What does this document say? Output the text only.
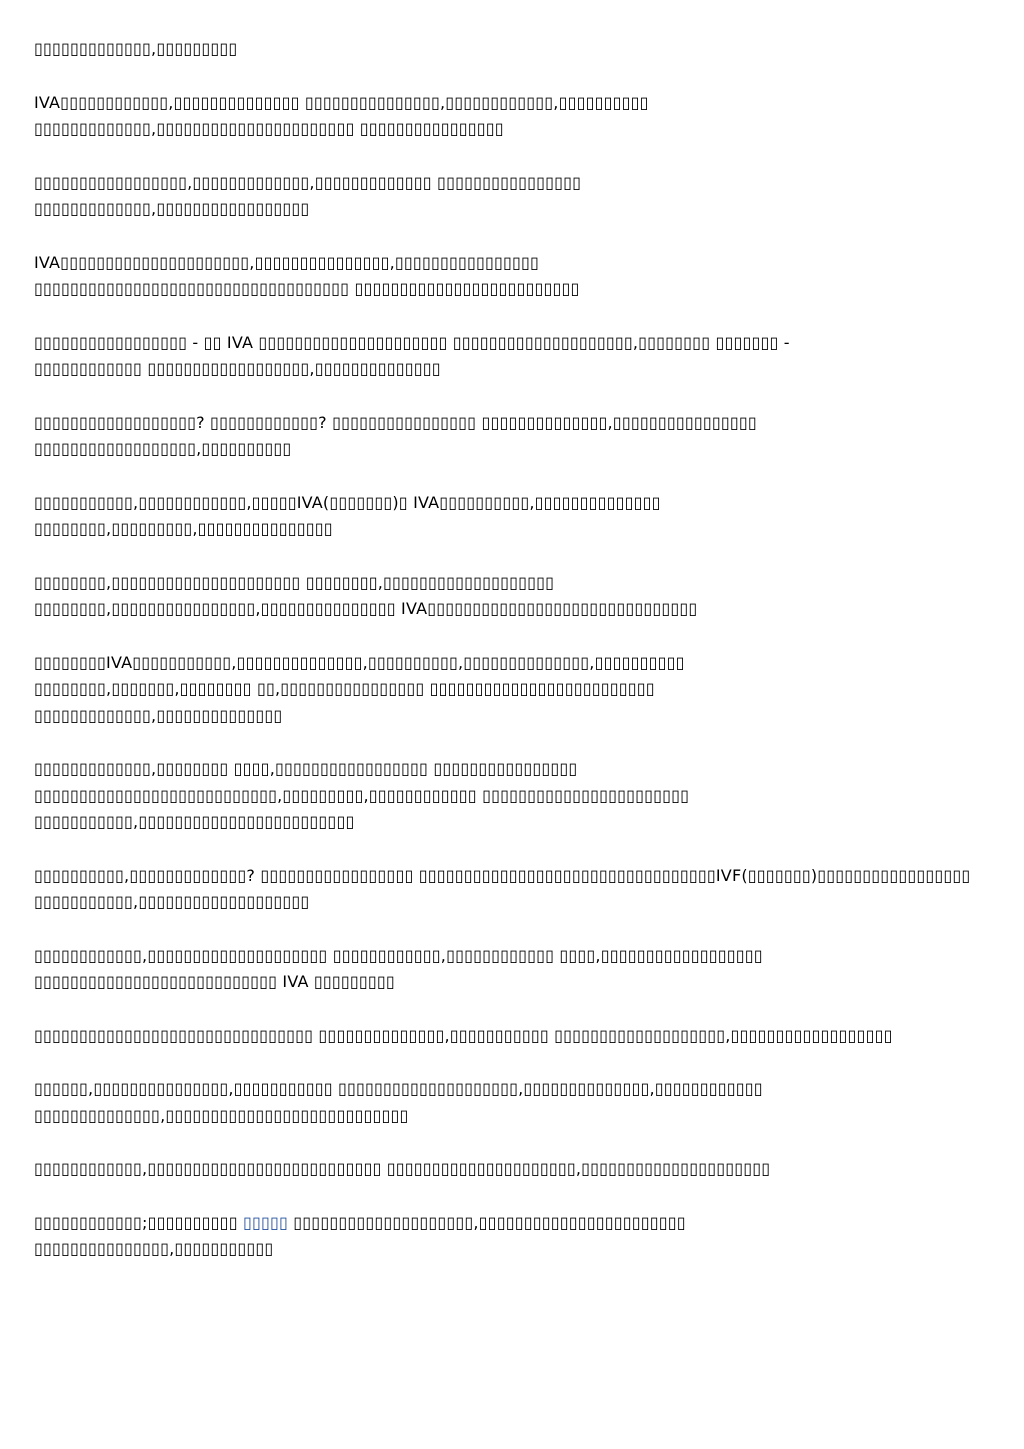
▯▯▯▯▯▯▯▯▯▯▯▯▯,▯▯▯▯▯▯▯▯▯

IVA▯▯▯▯▯▯▯▯▯▯▯▯,▯▯▯▯▯▯▯▯▯▯▯▯▯▯ ▯▯▯▯▯▯▯▯▯▯▯▯▯▯▯,▯▯▯▯▯▯▯▯▯▯▯▯,▯▯▯▯▯▯▯▯▯▯
▯▯▯▯▯▯▯▯▯▯▯▯▯,▯▯▯▯▯▯▯▯▯▯▯▯▯▯▯▯▯▯▯▯▯▯ ▯▯▯▯▯▯▯▯▯▯▯▯▯▯▯▯

▯▯▯▯▯▯▯▯▯▯▯▯▯▯▯▯▯,▯▯▯▯▯▯▯▯▯▯▯▯▯,▯▯▯▯▯▯▯▯▯▯▯▯▯ ▯▯▯▯▯▯▯▯▯▯▯▯▯▯▯▯
▯▯▯▯▯▯▯▯▯▯▯▯▯,▯▯▯▯▯▯▯▯▯▯▯▯▯▯▯▯▯

IVA▯▯▯▯▯▯▯▯▯▯▯▯▯▯▯▯▯▯▯▯▯,▯▯▯▯▯▯▯▯▯▯▯▯▯▯▯,▯▯▯▯▯▯▯▯▯▯▯▯▯▯▯▯
▯▯▯▯▯▯▯▯▯▯▯▯▯▯▯▯▯▯▯▯▯▯▯▯▯▯▯▯▯▯▯▯▯▯▯ ▯▯▯▯▯▯▯▯▯▯▯▯▯▯▯▯▯▯▯▯▯▯▯▯▯

▯▯▯▯▯▯▯▯▯▯▯▯▯▯▯▯▯ - ▯▯ IVA ▯▯▯▯▯▯▯▯▯▯▯▯▯▯▯▯▯▯▯▯▯ ▯▯▯▯▯▯▯▯▯▯▯▯▯▯▯▯▯▯▯▯,▯▯▯▯▯▯▯▯ ▯▯▯▯▯▯▯ -
▯▯▯▯▯▯▯▯▯▯▯▯ ▯▯▯▯▯▯▯▯▯▯▯▯▯▯▯▯▯▯,▯▯▯▯▯▯▯▯▯▯▯▯▯▯

▯▯▯▯▯▯▯▯▯▯▯▯▯▯▯▯▯▯? ▯▯▯▯▯▯▯▯▯▯▯▯? ▯▯▯▯▯▯▯▯▯▯▯▯▯▯▯▯ ▯▯▯▯▯▯▯▯▯▯▯▯▯▯,▯▯▯▯▯▯▯▯▯▯▯▯▯▯▯▯
▯▯▯▯▯▯▯▯▯▯▯▯▯▯▯▯▯▯,▯▯▯▯▯▯▯▯▯▯

▯▯▯▯▯▯▯▯▯▯▯,▯▯▯▯▯▯▯▯▯▯▯▯,▯▯▯▯▯IVA(▯▯▯▯▯▯▯)▯ IVA▯▯▯▯▯▯▯▯▯▯,▯▯▯▯▯▯▯▯▯▯▯▯▯▯
▯▯▯▯▯▯▯▯,▯▯▯▯▯▯▯▯▯,▯▯▯▯▯▯▯▯▯▯▯▯▯▯▯

▯▯▯▯▯▯▯▯,▯▯▯▯▯▯▯▯▯▯▯▯▯▯▯▯▯▯▯▯▯ ▯▯▯▯▯▯▯▯,▯▯▯▯▯▯▯▯▯▯▯▯▯▯▯▯▯▯▯
▯▯▯▯▯▯▯▯,▯▯▯▯▯▯▯▯▯▯▯▯▯▯▯▯,▯▯▯▯▯▯▯▯▯▯▯▯▯▯▯ IVA▯▯▯▯▯▯▯▯▯▯▯▯▯▯▯▯▯▯▯▯▯▯▯▯▯▯▯▯▯▯

▯▯▯▯▯▯▯▯IVA▯▯▯▯▯▯▯▯▯▯▯,▯▯▯▯▯▯▯▯▯▯▯▯▯▯,▯▯▯▯▯▯▯▯▯▯,▯▯▯▯▯▯▯▯▯▯▯▯▯▯,▯▯▯▯▯▯▯▯▯▯
▯▯▯▯▯▯▯▯,▯▯▯▯▯▯▯,▯▯▯▯▯▯▯▯ ▯▯,▯▯▯▯▯▯▯▯▯▯▯▯▯▯▯▯ ▯▯▯▯▯▯▯▯▯▯▯▯▯▯▯▯▯▯▯▯▯▯▯▯▯
▯▯▯▯▯▯▯▯▯▯▯▯▯,▯▯▯▯▯▯▯▯▯▯▯▯▯▯

▯▯▯▯▯▯▯▯▯▯▯▯▯,▯▯▯▯▯▯▯▯ ▯▯▯▯,▯▯▯▯▯▯▯▯▯▯▯▯▯▯▯▯▯ ▯▯▯▯▯▯▯▯▯▯▯▯▯▯▯▯
▯▯▯▯▯▯▯▯▯▯▯▯▯▯▯▯▯▯▯▯▯▯▯▯▯▯▯,▯▯▯▯▯▯▯▯▯,▯▯▯▯▯▯▯▯▯▯▯▯ ▯▯▯▯▯▯▯▯▯▯▯▯▯▯▯▯▯▯▯▯▯▯▯
▯▯▯▯▯▯▯▯▯▯▯,▯▯▯▯▯▯▯▯▯▯▯▯▯▯▯▯▯▯▯▯▯▯▯▯

▯▯▯▯▯▯▯▯▯▯,▯▯▯▯▯▯▯▯▯▯▯▯▯? ▯▯▯▯▯▯▯▯▯▯▯▯▯▯▯▯▯ ▯▯▯▯▯▯▯▯▯▯▯▯▯▯▯▯▯▯▯▯▯▯▯▯▯▯▯▯▯▯▯▯▯IVF(▯▯▯▯▯▯▯)▯▯▯▯▯▯▯▯▯▯▯▯▯▯▯▯▯
▯▯▯▯▯▯▯▯▯▯▯,▯▯▯▯▯▯▯▯▯▯▯▯▯▯▯▯▯▯▯

▯▯▯▯▯▯▯▯▯▯▯▯,▯▯▯▯▯▯▯▯▯▯▯▯▯▯▯▯▯▯▯▯ ▯▯▯▯▯▯▯▯▯▯▯▯,▯▯▯▯▯▯▯▯▯▯▯▯ ▯▯▯▯,▯▯▯▯▯▯▯▯▯▯▯▯▯▯▯▯▯▯
▯▯▯▯▯▯▯▯▯▯▯▯▯▯▯▯▯▯▯▯▯▯▯▯▯▯▯ IVA ▯▯▯▯▯▯▯▯▯

▯▯▯▯▯▯▯▯▯▯▯▯▯▯▯▯▯▯▯▯▯▯▯▯▯▯▯▯▯▯▯ ▯▯▯▯▯▯▯▯▯▯▯▯▯▯,▯▯▯▯▯▯▯▯▯▯▯ ▯▯▯▯▯▯▯▯▯▯▯▯▯▯▯▯▯▯▯,▯▯▯▯▯▯▯▯▯▯▯▯▯▯▯▯▯▯

▯▯▯▯▯▯,▯▯▯▯▯▯▯▯▯▯▯▯▯▯▯,▯▯▯▯▯▯▯▯▯▯▯ ▯▯▯▯▯▯▯▯▯▯▯▯▯▯▯▯▯▯▯▯,▯▯▯▯▯▯▯▯▯▯▯▯▯▯,▯▯▯▯▯▯▯▯▯▯▯▯
▯▯▯▯▯▯▯▯▯▯▯▯▯▯,▯▯▯▯▯▯▯▯▯▯▯▯▯▯▯▯▯▯▯▯▯▯▯▯▯▯▯

▯▯▯▯▯▯▯▯▯▯▯▯,▯▯▯▯▯▯▯▯▯▯▯▯▯▯▯▯▯▯▯▯▯▯▯▯▯▯ ▯▯▯▯▯▯▯▯▯▯▯▯▯▯▯▯▯▯▯▯▯,▯▯▯▯▯▯▯▯▯▯▯▯▯▯▯▯▯▯▯▯▯

▯▯▯▯▯▯▯▯▯▯▯▯;▯▯▯▯▯▯▯▯▯▯ ▯▯▯▯▯ ▯▯▯▯▯▯▯▯▯▯▯▯▯▯▯▯▯▯▯▯,▯▯▯▯▯▯▯▯▯▯▯▯▯▯▯▯▯▯▯▯▯▯▯
▯▯▯▯▯▯▯▯▯▯▯▯▯▯▯,▯▯▯▯▯▯▯▯▯▯▯
